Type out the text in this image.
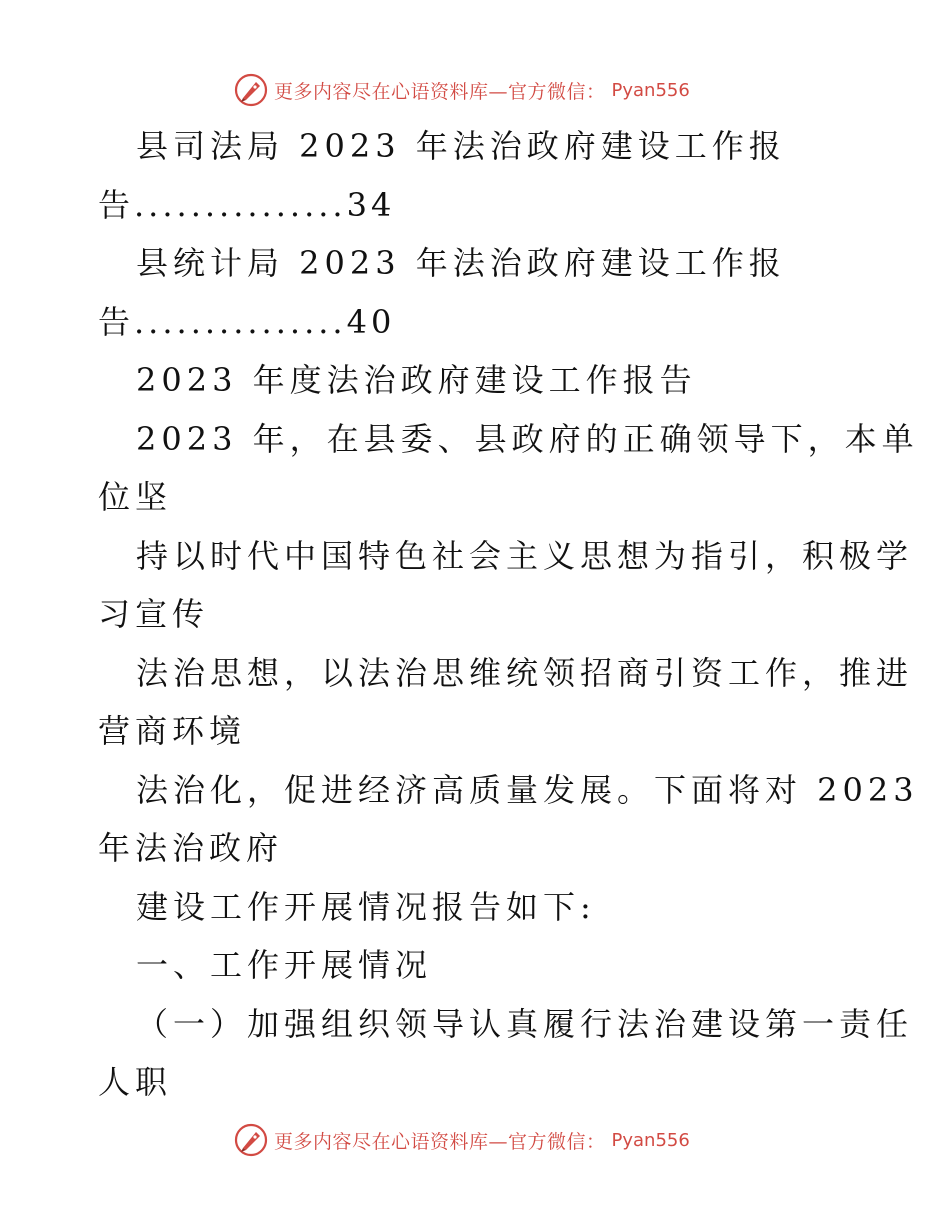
更多内容尽在心语资料库—官方微信： Pyan556
县司法局 2023 年法治政府建设工作报
告...............34
县统计局 2023 年法治政府建设工作报
告...............40
2023 年度法治政府建设工作报告
2023 年，在县委、县政府的正确领导下，本单
位坚
持以时代中国特色社会主义思想为指引，积极学
习宣传
法治思想，以法治思维统领招商引资工作，推进
营商环境
法治化，促进经济高质量发展。下面将对 2023
年法治政府
建设工作开展情况报告如下:
一、工作开展情况
（一）加强组织领导认真履行法治建设第一责任
人职
更多内容尽在心语资料库—官方微信： Pyan556
